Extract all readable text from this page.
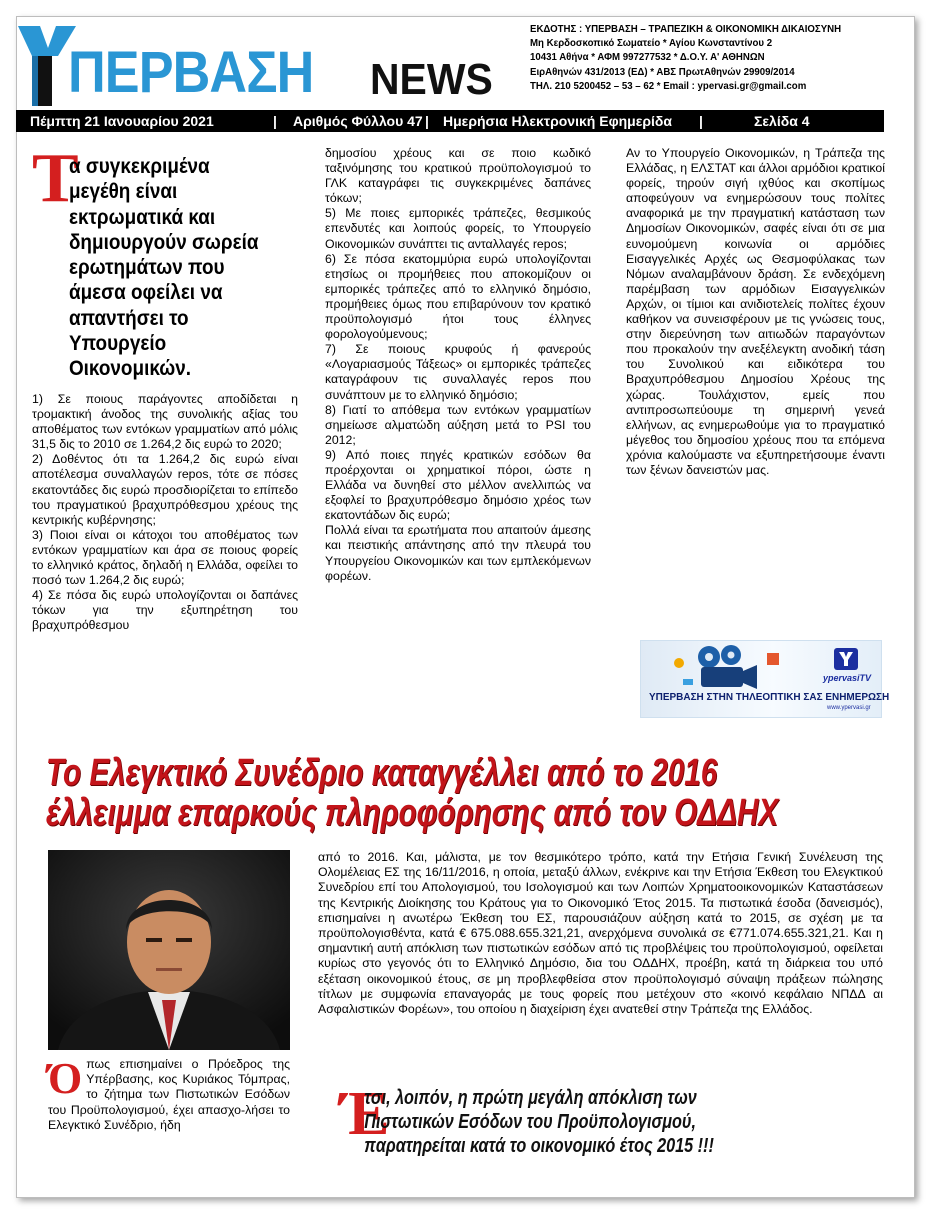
ΠΕΡΒΑΣΗ NEWS
ΕΚΔΟΤΗΣ : ΥΠΕΡΒΑΣΗ – ΤΡΑΠΕΖΙΚΗ & ΟΙΚΟΝΟΜΙΚΗ ΔΙΚΑΙΟΣΥΝΗ
Μη Κερδοσκοπικό Σωματείο * Αγίου Κωνσταντίνου 2
10431 Αθήνα * ΑΦΜ 997277532 * Δ.Ο.Υ. Α' ΑΘΗΝΩΝ
ΕιρΑθηνών 431/2013 (ΕΔ) * ΑΒΣ ΠρωτΑθηνών 29909/2014
ΤΗΛ. 210 5200452 – 53 – 62 * Email : ypervasi.gr@gmail.com
Πέμπτη 21 Ιανουαρίου 2021	| Αριθμός Φύλλου 47 | Ημερήσια Ηλεκτρονική Εφημερίδα |	Σελίδα 4
Τ
α συγκεκριμένα
μεγέθη είναι
εκτρωματικά και
δημιουργούν σωρεία
ερωτημάτων που
άμεσα οφείλει να
απαντήσει το
Υπουργείο
Οικονομικών.

1) Σε ποιους παράγοντες αποδίδεται η τρομακτική άνοδος της συνολικής αξίας του αποθέματος των εντόκων γραμματίων από μόλις 31,5 δις το 2010 σε 1.264,2 δις ευρώ το 2020;

2) Δοθέντος ότι τα 1.264,2 δις ευρώ είναι αποτέλεσμα συναλλαγών repos, τότε σε πόσες εκατοντάδες δις ευρώ προσδιορίζεται το επίπεδο του πραγματικού βραχυπρόθεσμου χρέους της κεντρικής κυβέρνησης;

3) Ποιοι είναι οι κάτοχοι του αποθέματος των εντόκων γραμματίων και άρα σε ποιους φορείς το ελληνικό κράτος, δηλαδή η Ελλάδα, οφείλει το ποσό των 1.264,2 δις ευρώ;

4) Σε πόσα δις ευρώ υπολογίζονται οι δαπάνες τόκων για την εξυπηρέτηση του βραχυπρόθεσμου

δημοσίου χρέους και σε ποιο κωδικό ταξινόμησης του κρατικού προϋπολογισμού το ΓΛΚ καταγράφει τις συγκεκριμένες δαπάνες τόκων;

5) Με ποιες εμπορικές τράπεζες, θεσμικούς επενδυτές και λοιπούς φορείς, το Υπουργείο Οικονομικών συνάπτει τις ανταλλαγές repos;

6) Σε πόσα εκατομμύρια ευρώ υπολογίζονται ετησίως οι προμήθειες που αποκομίζουν οι εμπορικές τράπεζες από το ελληνικό δημόσιο, προμήθειες όμως που επιβαρύνουν τον κρατικό προϋπολογισμό ήτοι τους έλληνες φορολογούμενους;

7) Σε ποιους κρυφούς ή φανερούς «Λογαριασμούς Τάξεως» οι εμπορικές τράπεζες καταγράφουν τις συναλλαγές repos που συνάπτουν με το ελληνικό δημόσιο;

8) Γιατί το απόθεμα των εντόκων γραμματίων σημείωσε αλματώδη αύξηση μετά το PSI του 2012;

9) Από ποιες πηγές κρατικών εσόδων θα προέρχονται οι χρηματικοί πόροι, ώστε η Ελλάδα να δυνηθεί στο μέλλον ανελλιπώς να εξοφλεί το βραχυπρόθεσμο δημόσιο χρέος των εκατοντάδων δις ευρώ;

Πολλά είναι τα ερωτήματα που απαιτούν άμεσης και πειστικής απάντησης από την πλευρά του Υπουργείου Οικονομικών και των εμπλεκόμενων φορέων.

Αν το Υπουργείο Οικονομικών, η Τράπεζα της Ελλάδας, η ΕΛΣΤΑΤ και άλλοι αρμόδιοι κρατικοί φορείς, τηρούν σιγή ιχθύος και σκοπίμως αποφεύγουν να ενημερώσουν τους πολίτες αναφορικά με την πραγματική κατάσταση των Δημοσίων Οικονομικών, σαφές είναι ότι σε μια ευνομούμενη κοινωνία οι αρμόδιες Εισαγγελικές Αρχές ως Θεσμοφύλακας των Νόμων αναλαμβάνουν δράση. Σε ενδεχόμενη παρέμβαση των αρμόδιων Εισαγγελικών Αρχών, οι τίμιοι και ανιδιοτελείς πολίτες έχουν καθήκον να συνεισφέρουν με τις γνώσεις τους, στην διερεύνηση των αιτιωδών παραγόντων που προκαλούν την ανεξέλεγκτη ανοδική τάση του Συνολικού και ειδικότερα του Βραχυπρόθεσμου Δημοσίου Χρέους της χώρας. Τουλάχιστον, εμείς που αντιπροσωπεύουμε τη σημερινή γενεά ελλήνων, ας ενημερωθούμε για το πραγματικό μέγεθος του δημοσίου χρέους που τα επόμενα χρόνια καλούμαστε να εξυπηρετήσουμε έναντι των ξένων δανειστών μας.

ypervasiTV
ΥΠΕΡΒΑΣΗ ΣΤΗΝ ΤΗΛΕΟΠΤΙΚΗ ΣΑΣ ΕΝΗΜΕΡΩΣΗ
www.ypervasi.gr
Το Ελεγκτικό Συνέδριο καταγγέλλει από το 2016
έλλειμμα επαρκούς πληροφόρησης από τον ΟΔΔΗΧ
Ό πως επισημαίνει ο Πρόεδρος της Υπέρβασης, κος Κυριάκος Τόμπρας, το ζήτημα των Πιστωτικών Εσόδων του Προϋπολογισμού, έχει απασχο-λήσει το Ελεγκτικό Συνέδριο, ήδη
από το 2016. Και, μάλιστα, με τον θεσμικότερο τρόπο, κατά την Ετήσια Γενική Συνέλευση της Ολομέλειας ΕΣ της 16/11/2016, η οποία, μεταξύ άλλων, ενέκρινε και την Ετήσια Έκθεση του Ελεγκτικού Συνεδρίου επί του Απολογισμού, του Ισολογισμού και των Λοιπών Χρηματοοικονομικών Καταστάσεων της Κεντρικής Διοίκησης του Κράτους για το Οικονομικό Έτος 2015. Τα πιστωτικά έσοδα (δανεισμός), επισημαίνει η ανωτέρω Έκθεση του ΕΣ, παρουσιάζουν αύξηση κατά το 2015, σε σχέση με τα προϋπολογισθέντα, κατά € 675.088.655.321,21, ανερχόμενα συνολικά σε €771.074.655.321,21. Και η σημαντική αυτή απόκλιση των πιστωτικών εσόδων από τις προβλέψεις του προϋπολογισμού, οφείλεται κυρίως στο γεγονός ότι το Ελληνικό Δημόσιο, δια του ΟΔΔΗΧ, προέβη, κατά τη διάρκεια του υπό εξέταση οικονομικού έτους, σε μη προβλεφθείσα στον προϋπολογισμό σύναψη πράξεων πώλησης τίτλων με συμφωνία επαναγοράς με τους φορείς που μετέχουν στο «κοινό κεφάλαιο ΝΠΔΔ αι Ασφαλιστικών Φορέων», του οποίου η διαχείριση έχει ανατεθεί στην Τράπεζα της Ελλάδος.
Έ
τσι, λοιπόν, η πρώτη μεγάλη απόκλιση των
Πιστωτικών Εσόδων του Προϋπολογισμού,
παρατηρείται κατά το οικονομικό έτος 2015 !!!
